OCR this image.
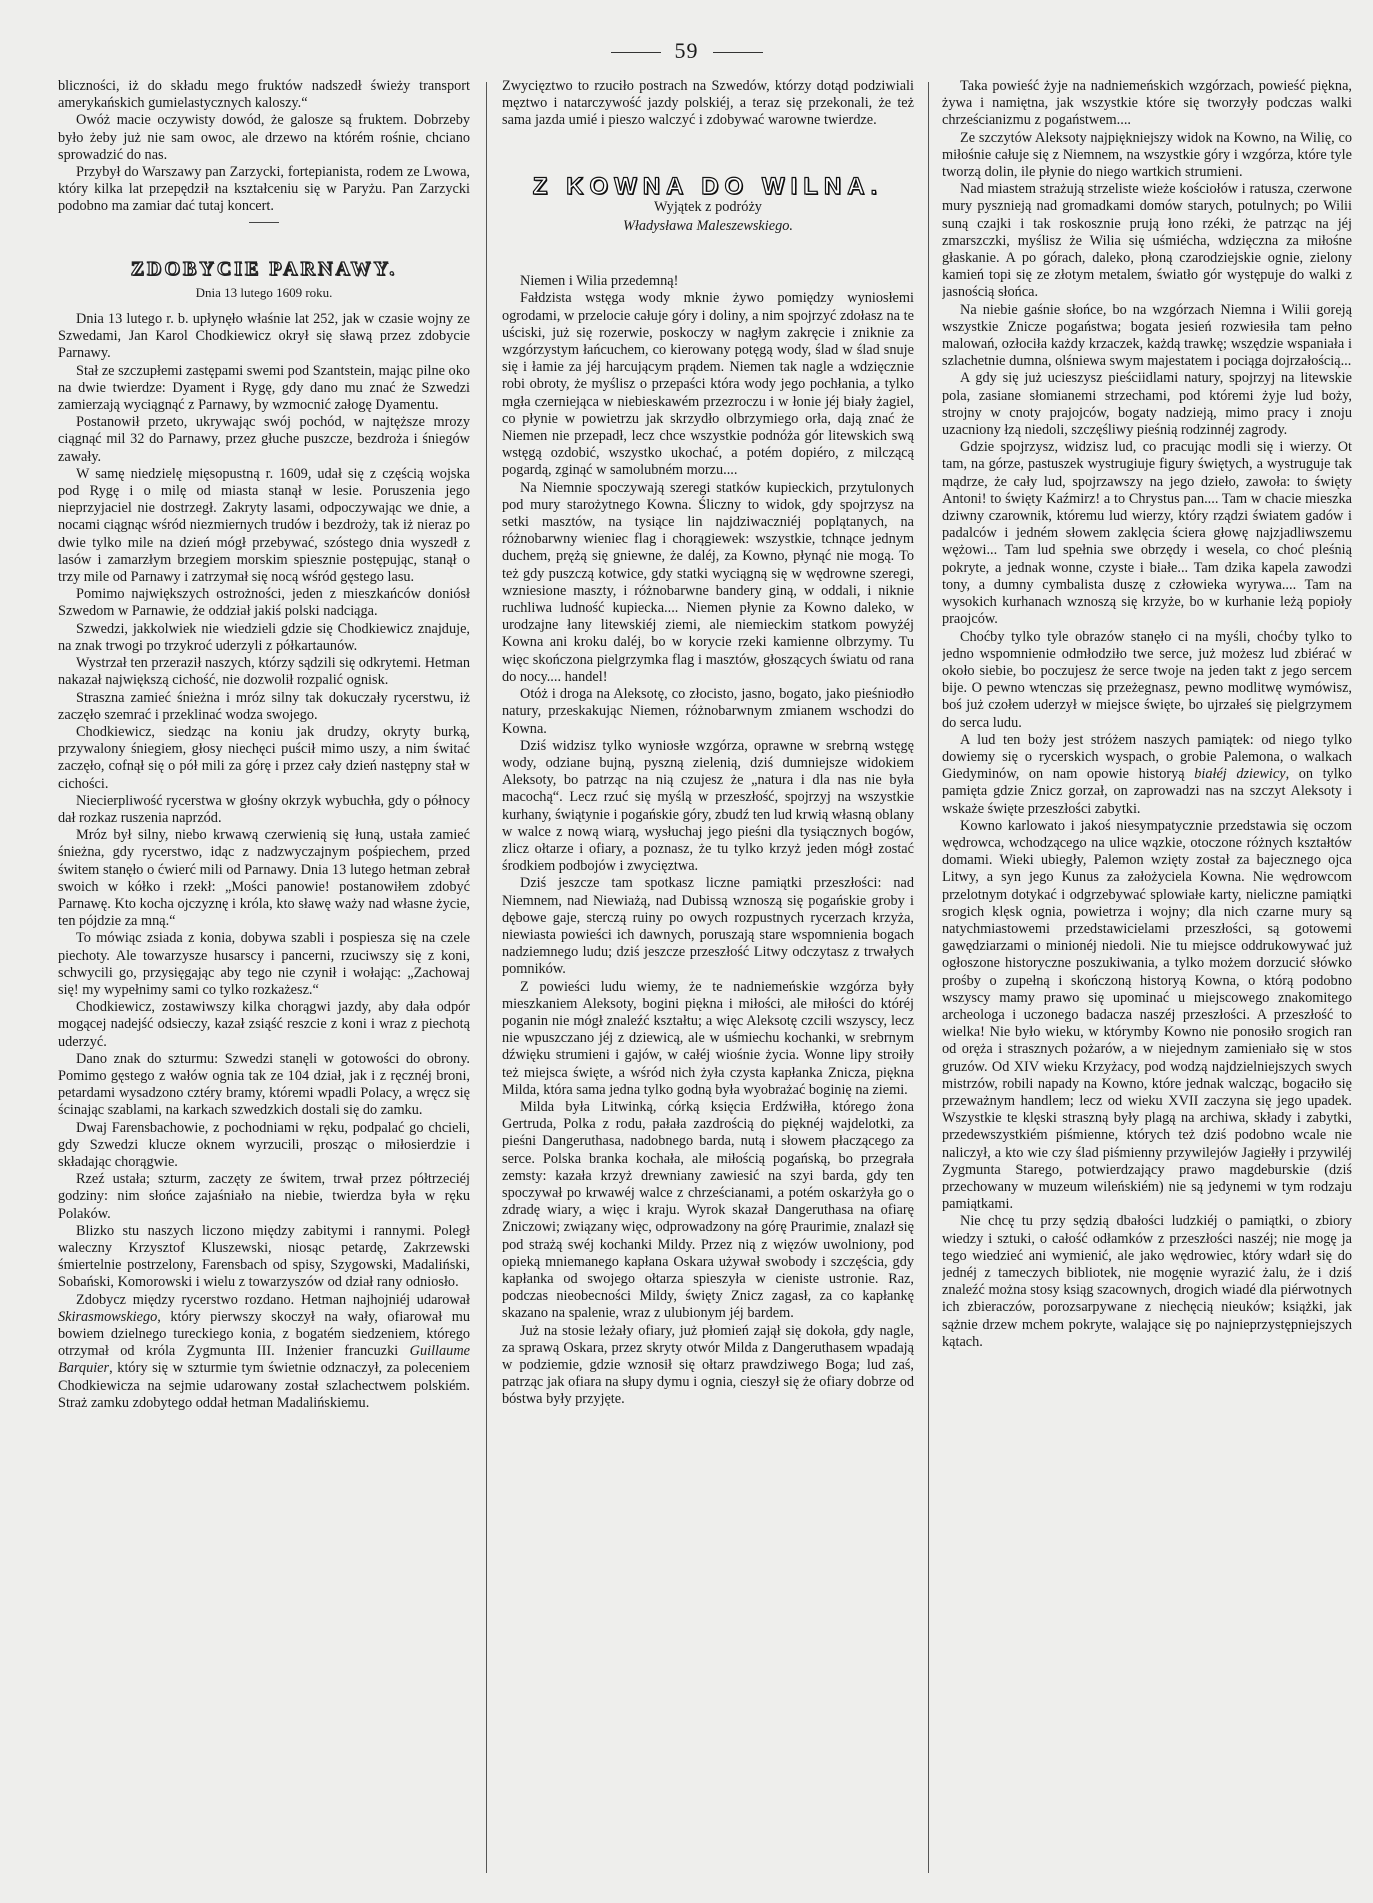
59

bliczności, iż do składu mego fruktów nadszedł świeży transport amerykańskich gumielastycznych kaloszy.“

Owóż macie oczywisty dowód, że galosze są fruktem. Dobrzeby było żeby już nie sam owoc, ale drzewo na którém rośnie, chciano sprowadzić do nas.

Przybył do Warszawy pan Zarzycki, fortepianista, rodem ze Lwowa, który kilka lat przepędził na kształceniu się w Paryżu. Pan Zarzycki podobno ma zamiar dać tutaj koncert.

ZDOBYCIE PARNAWY.

Dnia 13 lutego 1609 roku.

Dnia 13 lutego r. b. upłynęło właśnie lat 252, jak w czasie wojny ze Szwedami, Jan Karol Chodkiewicz okrył się sławą przez zdobycie Parnawy.

Stał ze szczupłemi zastępami swemi pod Szantstein, mając pilne oko na dwie twierdze: Dyament i Rygę, gdy dano mu znać że Szwedzi zamierzają wyciągnąć z Parnawy, by wzmocnić załogę Dyamentu.

Postanowił przeto, ukrywając swój pochód, w najtęższe mrozy ciągnąć mil 32 do Parnawy, przez głuche puszcze, bezdroża i śniegów zawały.

W samę niedzielę mięsopustną r. 1609, udał się z częścią wojska pod Rygę i o milę od miasta stanął w lesie. Poruszenia jego nieprzyjaciel nie dostrzegł. Zakryty lasami, odpoczywając we dnie, a nocami ciągnąc wśród niezmiernych trudów i bezdroży, tak iż nieraz po dwie tylko mile na dzień mógł przebywać, szóstego dnia wyszedł z lasów i zamarzłym brzegiem morskim spiesznie postępując, stanął o trzy mile od Parnawy i zatrzymał się nocą wśród gęstego lasu.

Pomimo największych ostrożności, jeden z mieszkańców doniósł Szwedom w Parnawie, że oddział jakiś polski nadciąga.

Szwedzi, jakkolwiek nie wiedzieli gdzie się Chodkiewicz znajduje, na znak trwogi po trzykroć uderzyli z półkartaunów.

Wystrzał ten przeraził naszych, którzy sądzili się odkrytemi. Hetman nakazał największą cichość, nie dozwolił rozpalić ognisk.

Straszna zamieć śnieżna i mróz silny tak dokuczały rycerstwu, iż zaczęło szemrać i przeklinać wodza swojego.

Chodkiewicz, siedząc na koniu jak drudzy, okryty burką, przywalony śniegiem, głosy niechęci puścił mimo uszy, a nim świtać zaczęło, cofnął się o pół mili za górę i przez cały dzień następny stał w cichości.

Niecierpliwość rycerstwa w głośny okrzyk wybuchła, gdy o północy dał rozkaz ruszenia naprzód.

Mróz był silny, niebo krwawą czerwienią się łuną, ustała zamieć śnieżna, gdy rycerstwo, idąc z nadzwyczajnym pośpiechem, przed świtem stanęło o ćwierć mili od Parnawy. Dnia 13 lutego hetman zebrał swoich w kółko i rzekł: „Mości panowie! postanowiłem zdobyć Parnawę. Kto kocha ojczyznę i króla, kto sławę waży nad własne życie, ten pójdzie za mną.“

To mówiąc zsiada z konia, dobywa szabli i pospiesza się na czele piechoty. Ale towarzysze husarscy i pancerni, rzuciwszy się z koni, schwycili go, przysięgając aby tego nie czynił i wołając: „Zachowaj się! my wypełnimy sami co tylko rozkażesz.“

Chodkiewicz, zostawiwszy kilka chorągwi jazdy, aby dała odpór mogącej nadejść odsieczy, kazał zsiąść reszcie z koni i wraz z piechotą uderzyć.

Dano znak do szturmu: Szwedzi stanęli w gotowości do obrony. Pomimo gęstego z wałów ognia tak ze 104 dział, jak i z ręcznéj broni, petardami wysadzono cztéry bramy, któremi wpadli Polacy, a wręcz się ścinając szablami, na karkach szwedzkich dostali się do zamku.

Dwaj Farensbachowie, z pochodniami w ręku, podpalać go chcieli, gdy Szwedzi klucze oknem wyrzucili, prosząc o miłosierdzie i składając chorągwie.

Rzeź ustała; szturm, zaczęty ze świtem, trwał przez półtrzeciéj godziny: nim słońce zajaśniało na niebie, twierdza była w ręku Polaków.

Blizko stu naszych liczono między zabitymi i rannymi. Poległ waleczny Krzysztof Kluszewski, niosąc petardę, Zakrzewski śmiertelnie postrzelony, Farensbach od spisy, Szygowski, Madaliński, Sobański, Komorowski i wielu z towarzyszów od dział rany odniosło.

Zdobycz między rycerstwo rozdano. Hetman najhojniéj udarował Skirasmowskiego, który pierwszy skoczył na wały, ofiarował mu bowiem dzielnego tureckiego konia, z bogatém siedzeniem, którego otrzymał od króla Zygmunta III. Inżenier francuzki Guillaume Barquier, który się w szturmie tym świetnie odznaczył, za poleceniem Chodkiewicza na sejmie udarowany został szlachectwem polskiém. Straż zamku zdobytego oddał hetman Madalińskiemu.

Zwycięztwo to rzuciło postrach na Szwedów, którzy dotąd podziwiali męztwo i natarczywość jazdy polskiéj, a teraz się przekonali, że też sama jazda umié i pieszo walczyć i zdobywać warowne twierdze.

Z KOWNA DO WILNA.

Wyjątek z podróży

Władysława Maleszewskiego.

Niemen i Wilia przedemną!

Fałdzista wstęga wody mknie żywo pomiędzy wyniosłemi ogrodami, w przelocie całuje góry i doliny, a nim spojrzyć zdołasz na te uściski, już się rozerwie, poskoczy w nagłym zakręcie i zniknie za wzgórzystym łańcuchem, co kierowany potęgą wody, ślad w ślad snuje się i łamie za jéj harcującym prądem. Niemen tak nagle a wdzięcznie robi obroty, że myślisz o przepaści która wody jego pochłania, a tylko mgła czerniejąca w niebieskawém przezroczu i w łonie jéj biały żagiel, co płynie w powietrzu jak skrzydło olbrzymiego orła, dają znać że Niemen nie przepadł, lecz chce wszystkie podnóża gór litewskich swą wstęgą ozdobić, wszystko ukochać, a potém dopiéro, z milczącą pogardą, zginąć w samolubném morzu....

Na Niemnie spoczywają szeregi statków kupieckich, przytulonych pod mury starożytnego Kowna. Śliczny to widok, gdy spojrzysz na setki masztów, na tysiące lin najdziwaczniéj poplątanych, na różnobarwny wieniec flag i chorągiewek: wszystkie, tchnące jednym duchem, prężą się gniewne, że daléj, za Kowno, płynąć nie mogą. To też gdy puszczą kotwice, gdy statki wyciągną się w wędrowne szeregi, wzniesione maszty, i różnobarwne bandery giną, w oddali, i niknie ruchliwa ludność kupiecka.... Niemen płynie za Kowno daleko, w urodzajne łany litewskiéj ziemi, ale niemieckim statkom powyżéj Kowna ani kroku daléj, bo w korycie rzeki kamienne olbrzymy. Tu więc skończona pielgrzymka flag i masztów, głoszących światu od rana do nocy.... handel!

Otóż i droga na Aleksotę, co złocisto, jasno, bogato, jako pieśniodło natury, przeskakując Niemen, różnobarwnym zmianem wschodzi do Kowna.

Dziś widzisz tylko wyniosłe wzgórza, oprawne w srebrną wstęgę wody, odziane bujną, pyszną zielenią, dziś dumniejsze widokiem Aleksoty, bo patrząc na nią czujesz że „natura i dla nas nie była macochą“. Lecz rzuć się myślą w przeszłość, spojrzyj na wszystkie kurhany, świątynie i pogańskie góry, zbudź ten lud krwią własną oblany w walce z nową wiarą, wysłuchaj jego pieśni dla tysiącznych bogów, zlicz ołtarze i ofiary, a poznasz, że tu tylko krzyż jeden mógł zostać środkiem podbojów i zwycięztwa.

Dziś jeszcze tam spotkasz liczne pamiątki przeszłości: nad Niemnem, nad Niewiażą, nad Dubissą wznoszą się pogańskie groby i dębowe gaje, sterczą ruiny po owych rozpustnych rycerzach krzyża, niewiasta powieści ich dawnych, poruszają stare wspomnienia bogach nadziemnego ludu; dziś jeszcze przeszłość Litwy odczytasz z trwałych pomników.

Z powieści ludu wiemy, że te nadniemeńskie wzgórza były mieszkaniem Aleksoty, bogini piękna i miłości, ale miłości do któréj poganin nie mógł znaleźć kształtu; a więc Aleksotę czcili wszyscy, lecz nie wpuszczano jéj z dziewicą, ale w uśmiechu kochanki, w srebrnym dźwięku strumieni i gajów, w całéj wiośnie życia. Wonne lipy stroiły też miejsca święte, a wśród nich żyła czysta kapłanka Znicza, piękna Milda, która sama jedna tylko godną była wyobrażać boginię na ziemi.

Milda była Litwinką, córką księcia Erdźwiłła, którego żona Gertruda, Polka z rodu, pałała zazdrością do pięknéj wajdelotki, za pieśni Dangeruthasa, nadobnego barda, nutą i słowem płaczącego za serce. Polska branka kochała, ale miłością pogańską, bo przegrała zemsty: kazała krzyż drewniany zawiesić na szyi barda, gdy ten spoczywał po krwawéj walce z chrześcianami, a potém oskarżyła go o zdradę wiary, a więc i kraju. Wyrok skazał Dangeruthasa na ofiarę Zniczowi; związany więc, odprowadzony na górę Praurimie, znalazł się pod strażą swéj kochanki Mildy. Przez nią z więzów uwolniony, pod opieką mniemanego kapłana Oskara używał swobody i szczęścia, gdy kapłanka od swojego ołtarza spieszyła w cieniste ustronie. Raz, podczas nieobecności Mildy, święty Znicz zagasł, za co kapłankę skazano na spalenie, wraz z ulubionym jéj bardem.

Już na stosie leżały ofiary, już płomień zajął się dokoła, gdy nagle, za sprawą Oskara, przez skryty otwór Milda z Dangeruthasem wpadają w podziemie, gdzie wznosił się ołtarz prawdziwego Boga; lud zaś, patrząc jak ofiara na słupy dymu i ognia, cieszył się że ofiary dobrze od bóstwa były przyjęte.

Taka powieść żyje na nadniemeńskich wzgórzach, powieść piękna, żywa i namiętna, jak wszystkie które się tworzyły podczas walki chrześcianizmu z pogaństwem....

Ze szczytów Aleksoty najpiękniejszy widok na Kowno, na Wilię, co miłośnie całuje się z Niemnem, na wszystkie góry i wzgórza, które tyle tworzą dolin, ile płynie do niego wartkich strumieni.

Nad miastem strażują strzeliste wieże kościołów i ratusza, czerwone mury pysznieją nad gromadkami domów starych, potulnych; po Wilii suną czajki i tak roskosznie prują łono rzéki, że patrząc na jéj zmarszczki, myślisz że Wilia się uśmiécha, wdzięczna za miłośne głaskanie. A po górach, daleko, płoną czarodziejskie ognie, zielony kamień topi się ze złotym metalem, światło gór występuje do walki z jasnością słońca.

Na niebie gaśnie słońce, bo na wzgórzach Niemna i Wilii goreją wszystkie Znicze pogaństwa; bogata jesień rozwiesiła tam pełno malowań, ozłociła każdy krzaczek, każdą trawkę; wszędzie wspaniała i szlachetnie dumna, olśniewa swym majestatem i pociąga dojrzałością...

A gdy się już ucieszysz pieściidlami natury, spojrzyj na litewskie pola, zasiane słomianemi strzechami, pod któremi żyje lud boży, strojny w cnoty prajojców, bogaty nadzieją, mimo pracy i znoju uzacniony łzą niedoli, szczęśliwy pieśnią rodzinnéj zagrody.

Gdzie spojrzysz, widzisz lud, co pracując modli się i wierzy. Ot tam, na górze, pastuszek wystrugiuje figury świętych, a wystruguje tak mądrze, że cały lud, spojrzawszy na jego dzieło, zawoła: to święty Antoni! to święty Kaźmirz! a to Chrystus pan.... Tam w chacie mieszka dziwny czarownik, któremu lud wierzy, który rządzi światem gadów i padalców i jedném słowem zaklęcia ściera głowę najzjadliwszemu wężowi... Tam lud spełnia swe obrzędy i wesela, co choć pleśnią pokryte, a jednak wonne, czyste i białe... Tam dzika kapela zawodzi tony, a dumny cymbalista duszę z człowieka wyrywa.... Tam na wysokich kurhanach wznoszą się krzyże, bo w kurhanie leżą popioły praojców.

Choćby tylko tyle obrazów stanęło ci na myśli, choćby tylko to jedno wspomnienie odmłodziło twe serce, już możesz lud zbiérać w około siebie, bo poczujesz że serce twoje na jeden takt z jego sercem bije. O pewno wtenczas się przeżegnasz, pewno modlitwę wymówisz, boś już czołem uderzył w miejsce święte, bo ujrzałeś się pielgrzymem do serca ludu.

A lud ten boży jest stróżem naszych pamiątek: od niego tylko dowiemy się o rycerskich wyspach, o grobie Palemona, o walkach Giedyminów, on nam opowie historyą białéj dziewicy, on tylko pamięta gdzie Znicz gorzał, on zaprowadzi nas na szczyt Aleksoty i wskaże święte przeszłości zabytki.

Kowno karlowato i jakoś niesympatycznie przedstawia się oczom wędrowca, wchodzącego na ulice wązkie, otoczone różnych kształtów domami. Wieki ubiegły, Palemon wzięty został za bajecznego ojca Litwy, a syn jego Kunus za założyciela Kowna. Nie wędrowcom przelotnym dotykać i odgrzebywać splowiałe karty, nieliczne pamiątki srogich klęsk ognia, powietrza i wojny; dla nich czarne mury są natychmiastowemi przedstawicielami przeszłości, są gotowemi gawędziarzami o minionéj niedoli. Nie tu miejsce oddrukowywać już ogłoszone historyczne poszukiwania, a tylko możem dorzucić słówko prośby o zupełną i skończoną historyą Kowna, o którą podobno wszyscy mamy prawo się upominać u miejscowego znakomitego archeologa i uczonego badacza naszéj przeszłości. A przeszłość to wielka! Nie było wieku, w którymby Kowno nie ponosiło srogich ran od oręża i strasznych pożarów, a w niejednym zamieniało się w stos gruzów. Od XIV wieku Krzyżacy, pod wodzą najdzielniejszych swych mistrzów, robili napady na Kowno, które jednak walcząc, bogaciło się przeważnym handlem; lecz od wieku XVII zaczyna się jego upadek. Wszystkie te klęski straszną były plagą na archiwa, składy i zabytki, przedewszystkiém piśmienne, których też dziś podobno wcale nie naliczył, a kto wie czy ślad piśmienny przywilejów Jagiełły i przywiléj Zygmunta Starego, potwierdzający prawo magdeburskie (dziś przechowany w muzeum wileńskiém) nie są jedynemi w tym rodzaju pamiątkami.

Nie chcę tu przy sędzią dbałości ludzkiéj o pamiątki, o zbiory wiedzy i sztuki, o całość odłamków z przeszłości naszéj; nie mogę ja tego wiedzieć ani wymienić, ale jako wędrowiec, który wdarł się do jednéj z tameczych bibliotek, nie mogęnie wyrazić żalu, że i dziś znaleźć można stosy ksiąg szacownych, drogich wiadé dla piérwotnych ich zbieraczów, porozsarpywane z niechęcią nieuków; książki, jak sążnie drzew mchem pokryte, walające się po najnieprzystępniejszych kątach.
